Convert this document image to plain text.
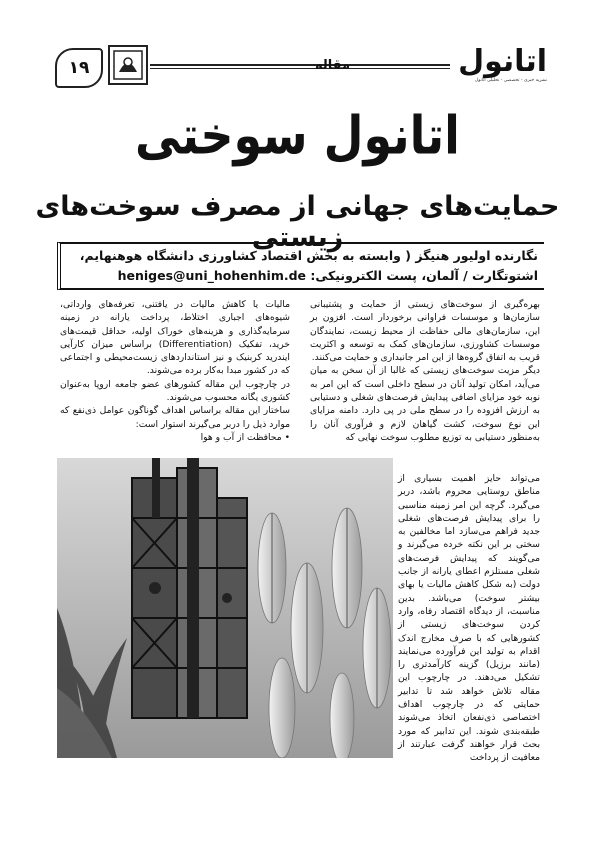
۱۹	مقاله	اتانول
نشریه خبری - تخصصی - تحلیلی اتانول
اتانول سوختی
حمایت‌های جهانی از مصرف سوخت‌های زیستی
نگارنده اولیور هنیگز ( وابسته به بخش اقتصاد کشاورزی دانشگاه هوهنهایم،
اشتوتگارت / آلمان، پست الکترونیکی: heniges@uni_hohenhim.de

بهره‌گیری از سوخت‌های زیستی از حمایت و پشتیبانی سازمان‌ها و موسسات فراوانی برخوردار است. افزون بر این، سازمان‌های مالی حفاظت از محیط زیست، نمایندگان موسسات کشاورزی، سازمان‌های کمک به توسعه و اکثریت قریب به اتفاق گروه‌ها از این امر جانبداری و حمایت می‌کنند.

دیگر مزیت سوخت‌های زیستی که غالبا از آن سخن به میان می‌آید، امکان تولید آنان در سطح داخلی است که این امر به نوبه خود مزایای اضافی پیدایش فرصت‌های شغلی و دستیابی به ارزش افزوده را در سطح ملی در پی دارد. دامنه مزایای این نوع سوخت، کشت گیاهان لازم و فرآوری آنان را به‌منظور دستیابی به توزیع مطلوب سوخت نهایی که

می‌تواند حایز اهمیت بسیاری از مناطق روستایی محروم باشد، دربر می‌گیرد. گرچه این امر زمینه مناسبی را برای پیدایش فرصت‌های شغلی جدید فراهم می‌سازد اما مخالفین به سختی بر این نکته خرده می‌گیرند و می‌گویند که پیدایش فرصت‌های شغلی مستلزم اعطای یارانه از جانب دولت (به شکل کاهش مالیات یا بهای بیشتر سوخت) می‌باشد. بدین مناسبت، از دیدگاه اقتصاد رفاه، وارد کردن سوخت‌های زیستی از کشورهایی که با صرف مخارج اندک اقدام به تولید این فرآورده می‌نمایند (مانند برزیل) گزینه کارآمدتری را تشکیل می‌دهند. در چارچوب این مقاله تلاش خواهد شد تا تدابیر حمایتی که در چارچوب اهداف اختصاصی ذی‌نفعان اتخاذ می‌شوند طبقه‌بندی شوند. این تدابیر که مورد بحث قرار خواهند گرفت عبارتند از معافیت از پرداخت

مالیات یا کاهش مالیات در یافتنی، تعرفه‌های وارداتی، شیوه‌های اجباری اختلاط، پرداخت یارانه در زمینه سرمایه‌گذاری و هزینه‌های خوراک اولیه، حداقل قیمت‌های خرید، تفکیک (Differentiation) براساس میزان کارآیی ایندرید کربنیک و نیز استانداردهای زیست‌محیطی و اجتماعی که در کشور مبدا به‌کار برده می‌شوند.

در چارچوب این مقاله کشورهای عضو جامعه اروپا به‌عنوان کشوری یگانه محسوب می‌شوند.

ساختار این مقاله براساس اهداف گوناگون عوامل ذی‌نفع که موارد ذیل را دربر می‌گیرند استوار است:

• محافظت از آب و هوا
